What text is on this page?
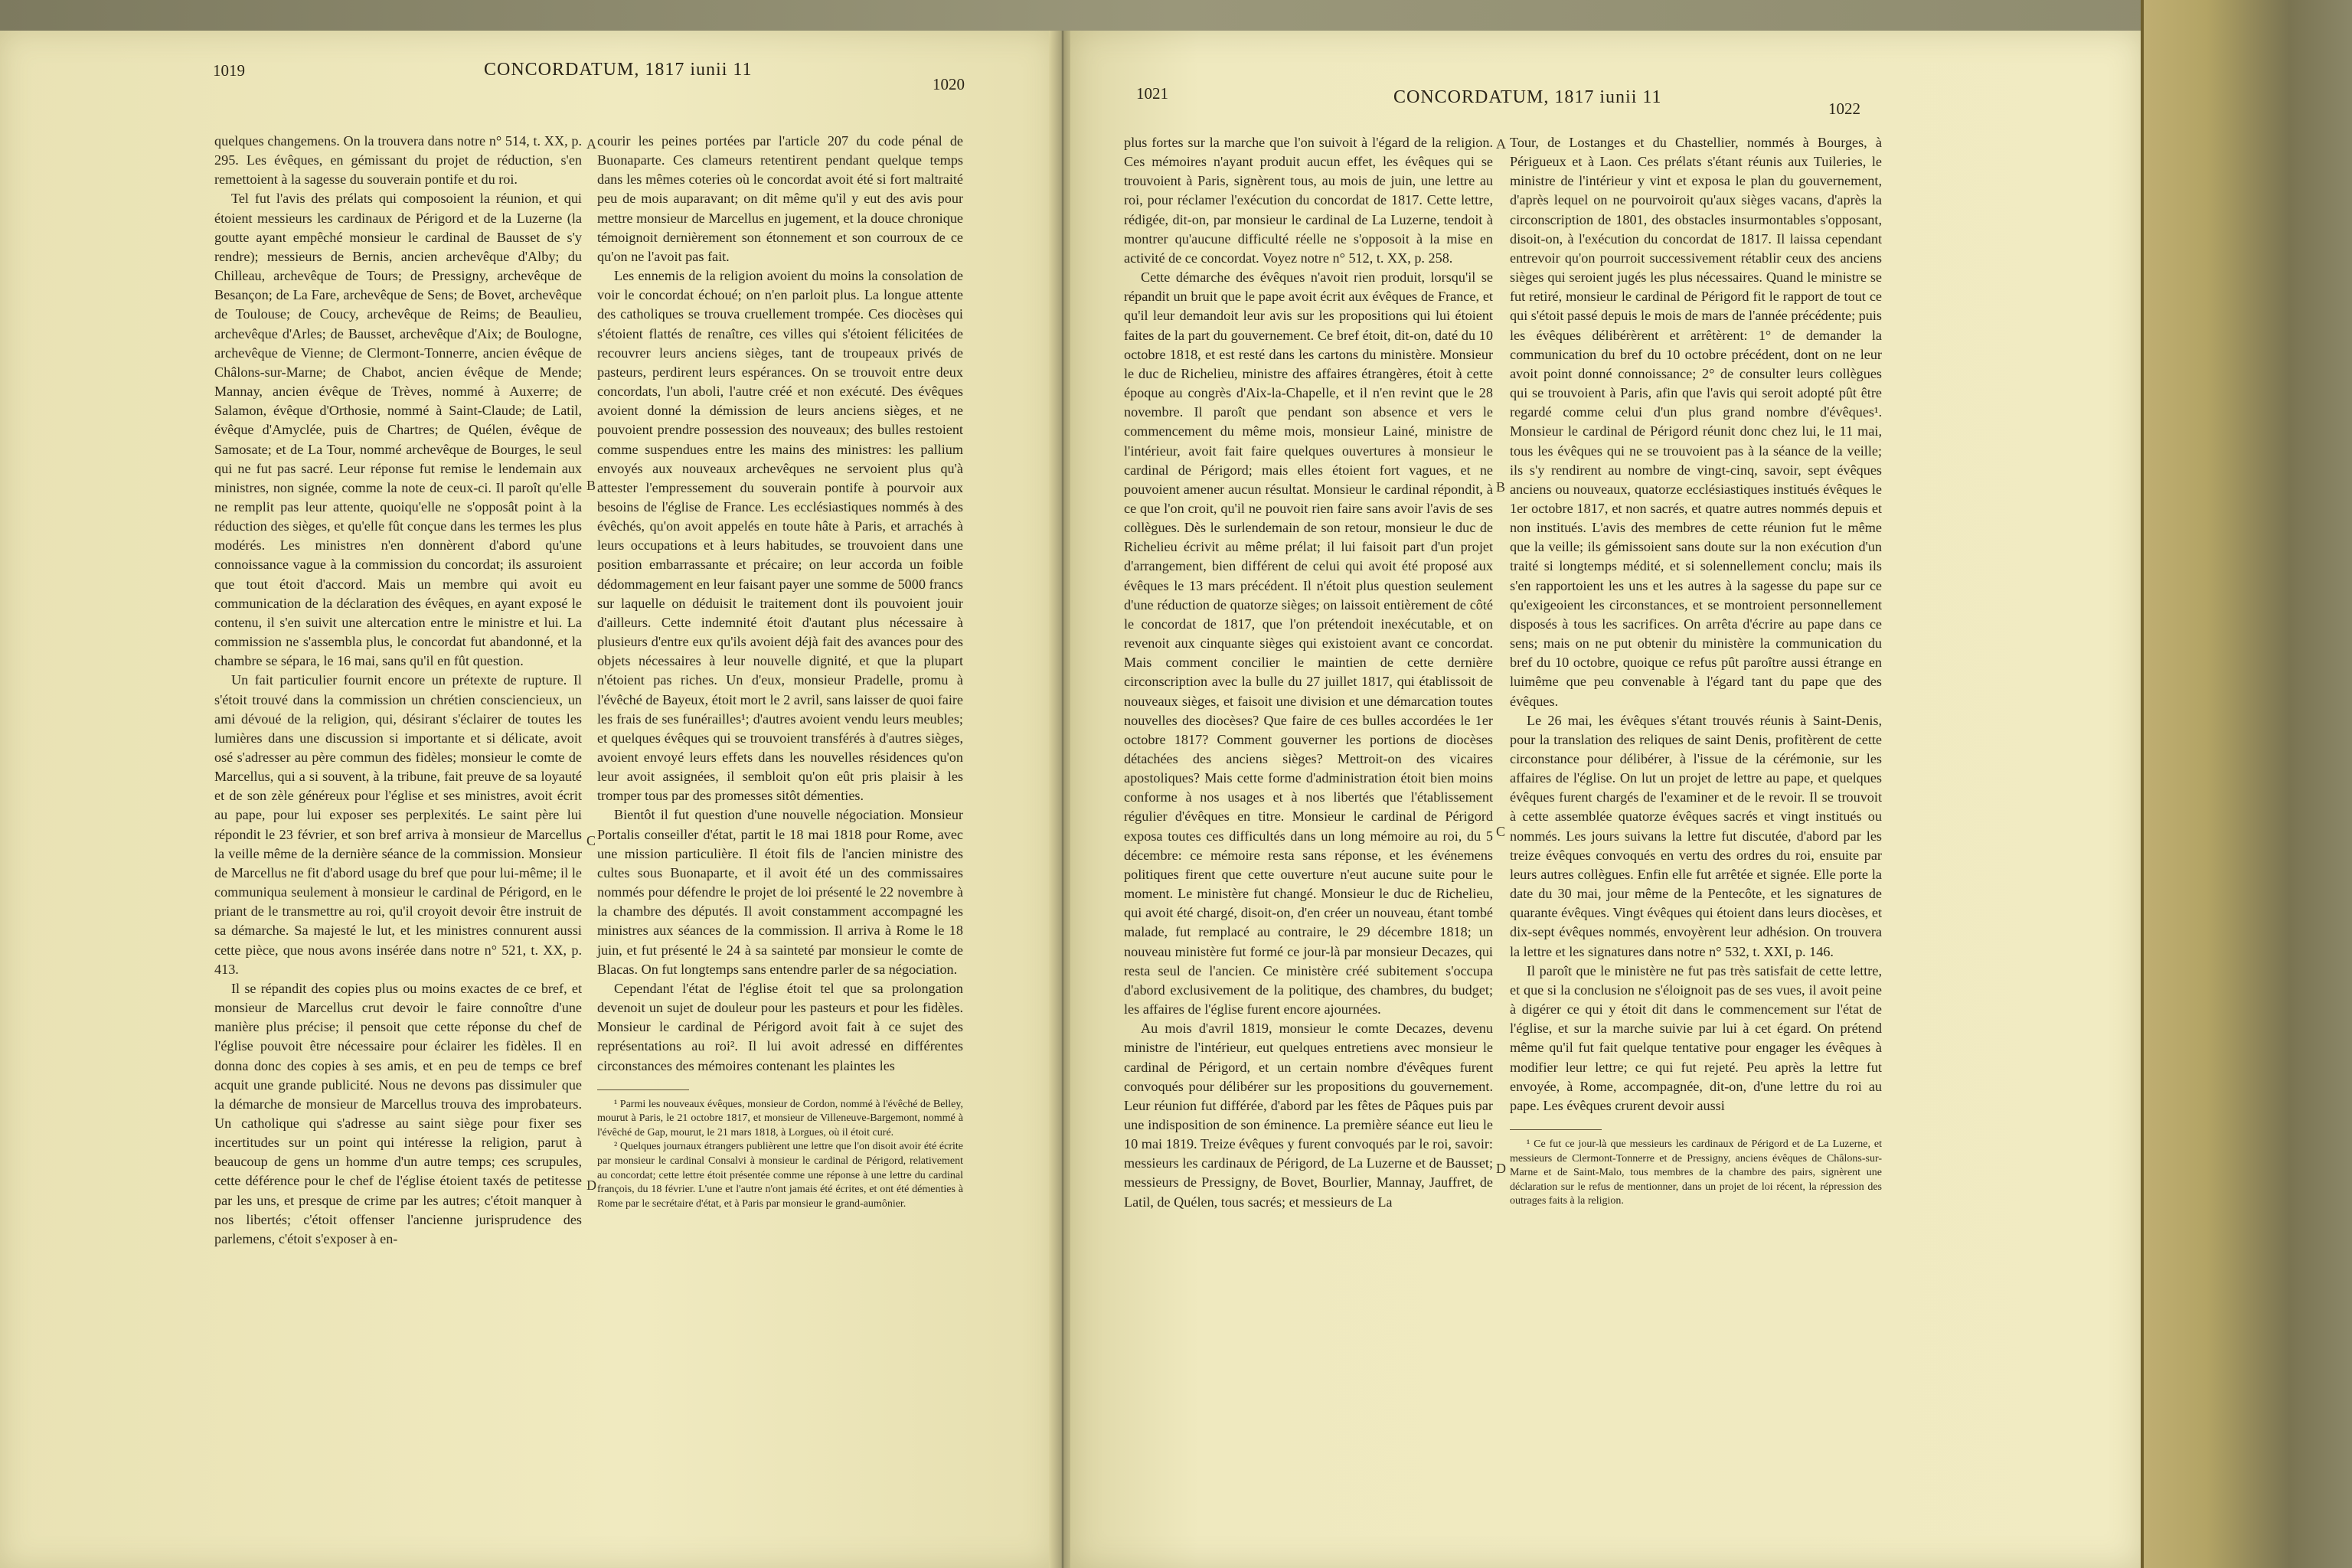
1019	CONCORDATUM, 1817 iunii 11
1020

quelques changemens. On la trouvera dans notre n° 514, t. XX, p. 295. Les évêques, en gémissant du projet de réduction, s'en remettoient à la sagesse du souverain pontife et du roi.

Tel fut l'avis des prélats qui composoient la réunion, et qui étoient messieurs les cardinaux de Périgord et de la Luzerne (la goutte ayant empêché monsieur le cardinal de Bausset de s'y rendre); messieurs de Bernis, ancien archevêque d'Alby; du Chilleau, archevêque de Tours; de Pressigny, archevêque de Besançon; de La Fare, archevêque de Sens; de Bovet, archevêque de Toulouse; de Coucy, archevêque de Reims; de Beaulieu, archevêque d'Arles; de Bausset, archevêque d'Aix; de Boulogne, archevêque de Vienne; de Clermont-Tonnerre, ancien évêque de Châlons-sur-Marne; de Chabot, ancien évêque de Mende; Mannay, ancien évêque de Trèves, nommé à Auxerre; de Salamon, évêque d'Orthosie, nommé à Saint-Claude; de Latil, évêque d'Amyclée, puis de Chartres; de Quélen, évêque de Samosate; et de La Tour, nommé archevêque de Bourges, le seul qui ne fut pas sacré. Leur réponse fut remise le lendemain aux ministres, non signée, comme la note de ceux-ci. Il paroît qu'elle ne remplit pas leur attente, quoiqu'elle ne s'opposât point à la réduction des sièges, et qu'elle fût conçue dans les termes les plus modérés. Les ministres n'en donnèrent d'abord qu'une connoissance vague à la commission du concordat; ils assuroient que tout étoit d'accord. Mais un membre qui avoit eu communication de la déclaration des évêques, en ayant exposé le contenu, il s'en suivit une altercation entre le ministre et lui. La commission ne s'assembla plus, le concordat fut abandonné, et la chambre se sépara, le 16 mai, sans qu'il en fût question.

Un fait particulier fournit encore un prétexte de rupture. Il s'étoit trouvé dans la commission un chrétien consciencieux, un ami dévoué de la religion, qui, désirant s'éclairer de toutes les lumières dans une discussion si importante et si délicate, avoit osé s'adresser au père commun des fidèles; monsieur le comte de Marcellus, qui a si souvent, à la tribune, fait preuve de sa loyauté et de son zèle généreux pour l'église et ses ministres, avoit écrit au pape, pour lui exposer ses perplexités. Le saint père lui répondit le 23 février, et son bref arriva à monsieur de Marcellus la veille même de la dernière séance de la commission. Monsieur de Marcellus ne fit d'abord usage du bref que pour lui-même; il le communiqua seulement à monsieur le cardinal de Périgord, en le priant de le transmettre au roi, qu'il croyoit devoir être instruit de sa démarche. Sa majesté le lut, et les ministres connurent aussi cette pièce, que nous avons insérée dans notre n° 521, t. XX, p. 413.

Il se répandit des copies plus ou moins exactes de ce bref, et monsieur de Marcellus crut devoir le faire connoître d'une manière plus précise; il pensoit que cette réponse du chef de l'église pouvoit être nécessaire pour éclairer les fidèles. Il en donna donc des copies à ses amis, et en peu de temps ce bref acquit une grande publicité. Nous ne devons pas dissimuler que la démarche de monsieur de Marcellus trouva des improbateurs. Un catholique qui s'adresse au saint siège pour fixer ses incertitudes sur un point qui intéresse la religion, parut à beaucoup de gens un homme d'un autre temps; ces scrupules, cette déférence pour le chef de l'église étoient taxés de petitesse par les uns, et presque de crime par les autres; c'étoit manquer à nos libertés; c'étoit offenser l'ancienne jurisprudence des parlemens, c'étoit s'exposer à en-

courir les peines portées par l'article 207 du code pénal de Buonaparte. Ces clameurs retentirent pendant quelque temps dans les mêmes coteries où le concordat avoit été si fort maltraité peu de mois auparavant; on dit même qu'il y eut des avis pour mettre monsieur de Marcellus en jugement, et la douce chronique témoignoit dernièrement son étonnement et son courroux de ce qu'on ne l'avoit pas fait.

Les ennemis de la religion avoient du moins la consolation de voir le concordat échoué; on n'en parloit plus. La longue attente des catholiques se trouva cruellement trompée. Ces diocèses qui s'étoient flattés de renaître, ces villes qui s'étoient félicitées de recouvrer leurs anciens sièges, tant de troupeaux privés de pasteurs, perdirent leurs espérances. On se trouvoit entre deux concordats, l'un aboli, l'autre créé et non exécuté. Des évêques avoient donné la démission de leurs anciens sièges, et ne pouvoient prendre possession des nouveaux; des bulles restoient comme suspendues entre les mains des ministres: les pallium envoyés aux nouveaux archevêques ne servoient plus qu'à attester l'empressement du souverain pontife à pourvoir aux besoins de l'église de France. Les ecclésiastiques nommés à des évêchés, qu'on avoit appelés en toute hâte à Paris, et arrachés à leurs occupations et à leurs habitudes, se trouvoient dans une position embarrassante et précaire; on leur accorda un foible dédommagement en leur faisant payer une somme de 5000 francs sur laquelle on déduisit le traitement dont ils pouvoient jouir d'ailleurs. Cette indemnité étoit d'autant plus nécessaire à plusieurs d'entre eux qu'ils avoient déjà fait des avances pour des objets nécessaires à leur nouvelle dignité, et que la plupart n'étoient pas riches. Un d'eux, monsieur Pradelle, promu à l'évêché de Bayeux, étoit mort le 2 avril, sans laisser de quoi faire les frais de ses funérailles¹; d'autres avoient vendu leurs meubles; et quelques évêques qui se trouvoient transférés à d'autres sièges, avoient envoyé leurs effets dans les nouvelles résidences qu'on leur avoit assignées, il sembloit qu'on eût pris plaisir à les tromper tous par des promesses sitôt démenties.

Bientôt il fut question d'une nouvelle négociation. Monsieur Portalis conseiller d'état, partit le 18 mai 1818 pour Rome, avec une mission particulière. Il étoit fils de l'ancien ministre des cultes sous Buonaparte, et il avoit été un des commissaires nommés pour défendre le projet de loi présenté le 22 novembre à la chambre des députés. Il avoit constamment accompagné les ministres aux séances de la commission. Il arriva à Rome le 18 juin, et fut présenté le 24 à sa sainteté par monsieur le comte de Blacas. On fut longtemps sans entendre parler de sa négociation.

Cependant l'état de l'église étoit tel que sa prolongation devenoit un sujet de douleur pour les pasteurs et pour les fidèles. Monsieur le cardinal de Périgord avoit fait à ce sujet des représentations au roi². Il lui avoit adressé en différentes circonstances des mémoires contenant les plaintes les

¹ Parmi les nouveaux évêques, monsieur de Cordon, nommé à l'évêché de Belley, mourut à Paris, le 21 octobre 1817, et monsieur de Villeneuve-Bargemont, nommé à l'évêché de Gap, mourut, le 21 mars 1818, à Lorgues, où il étoit curé.

² Quelques journaux étrangers publièrent une lettre que l'on disoit avoir été écrite par monsieur le cardinal Consalvi à monsieur le cardinal de Périgord, relativement au concordat; cette lettre étoit présentée comme une réponse à une lettre du cardinal françois, du 18 février. L'une et l'autre n'ont jamais été écrites, et ont été démenties à Rome par le secrétaire d'état, et à Paris par monsieur le grand-aumônier.

A
B
C
D
1021	CONCORDATUM, 1817 iunii 11
1022

plus fortes sur la marche que l'on suivoit à l'égard de la religion. Ces mémoires n'ayant produit aucun effet, les évêques qui se trouvoient à Paris, signèrent tous, au mois de juin, une lettre au roi, pour réclamer l'exécution du concordat de 1817. Cette lettre, rédigée, dit-on, par monsieur le cardinal de La Luzerne, tendoit à montrer qu'aucune difficulté réelle ne s'opposoit à la mise en activité de ce concordat. Voyez notre n° 512, t. XX, p. 258.

Cette démarche des évêques n'avoit rien produit, lorsqu'il se répandit un bruit que le pape avoit écrit aux évêques de France, et qu'il leur demandoit leur avis sur les propositions qui lui étoient faites de la part du gouvernement. Ce bref étoit, dit-on, daté du 10 octobre 1818, et est resté dans les cartons du ministère. Monsieur le duc de Richelieu, ministre des affaires étrangères, étoit à cette époque au congrès d'Aix-la-Chapelle, et il n'en revint que le 28 novembre. Il paroît que pendant son absence et vers le commencement du même mois, monsieur Lainé, ministre de l'intérieur, avoit fait faire quelques ouvertures à monsieur le cardinal de Périgord; mais elles étoient fort vagues, et ne pouvoient amener aucun résultat. Monsieur le cardinal répondit, à ce que l'on croit, qu'il ne pouvoit rien faire sans avoir l'avis de ses collègues. Dès le surlendemain de son retour, monsieur le duc de Richelieu écrivit au même prélat; il lui faisoit part d'un projet d'arrangement, bien différent de celui qui avoit été proposé aux évêques le 13 mars précédent. Il n'étoit plus question seulement d'une réduction de quatorze sièges; on laissoit entièrement de côté le concordat de 1817, que l'on prétendoit inexécutable, et on revenoit aux cinquante sièges qui existoient avant ce concordat. Mais comment concilier le maintien de cette dernière circonscription avec la bulle du 27 juillet 1817, qui établissoit de nouveaux sièges, et faisoit une division et une démarcation toutes nouvelles des diocèses? Que faire de ces bulles accordées le 1er octobre 1817? Comment gouverner les portions de diocèses détachées des anciens sièges? Mettroit-on des vicaires apostoliques? Mais cette forme d'administration étoit bien moins conforme à nos usages et à nos libertés que l'établissement régulier d'évêques en titre. Monsieur le cardinal de Périgord exposa toutes ces difficultés dans un long mémoire au roi, du 5 décembre: ce mémoire resta sans réponse, et les événemens politiques firent que cette ouverture n'eut aucune suite pour le moment. Le ministère fut changé. Monsieur le duc de Richelieu, qui avoit été chargé, disoit-on, d'en créer un nouveau, étant tombé malade, fut remplacé au contraire, le 29 décembre 1818; un nouveau ministère fut formé ce jour-là par monsieur Decazes, qui resta seul de l'ancien. Ce ministère créé subitement s'occupa d'abord exclusivement de la politique, des chambres, du budget; les affaires de l'église furent encore ajournées.

Au mois d'avril 1819, monsieur le comte Decazes, devenu ministre de l'intérieur, eut quelques entretiens avec monsieur le cardinal de Périgord, et un certain nombre d'évêques furent convoqués pour délibérer sur les propositions du gouvernement. Leur réunion fut différée, d'abord par les fêtes de Pâques puis par une indisposition de son éminence. La première séance eut lieu le 10 mai 1819. Treize évêques y furent convoqués par le roi, savoir: messieurs les cardinaux de Périgord, de La Luzerne et de Bausset; messieurs de Pressigny, de Bovet, Bourlier, Mannay, Jauffret, de Latil, de Quélen, tous sacrés; et messieurs de La

Tour, de Lostanges et du Chastellier, nommés à Bourges, à Périgueux et à Laon. Ces prélats s'étant réunis aux Tuileries, le ministre de l'intérieur y vint et exposa le plan du gouvernement, d'après lequel on ne pourvoiroit qu'aux sièges vacans, d'après la circonscription de 1801, des obstacles insurmontables s'opposant, disoit-on, à l'exécution du concordat de 1817. Il laissa cependant entrevoir qu'on pourroit successivement rétablir ceux des anciens sièges qui seroient jugés les plus nécessaires. Quand le ministre se fut retiré, monsieur le cardinal de Périgord fit le rapport de tout ce qui s'étoit passé depuis le mois de mars de l'année précédente; puis les évêques délibérèrent et arrêtèrent: 1° de demander la communication du bref du 10 octobre précédent, dont on ne leur avoit point donné connoissance; 2° de consulter leurs collègues qui se trouvoient à Paris, afin que l'avis qui seroit adopté pût être regardé comme celui d'un plus grand nombre d'évêques¹. Monsieur le cardinal de Périgord réunit donc chez lui, le 11 mai, tous les évêques qui ne se trouvoient pas à la séance de la veille; ils s'y rendirent au nombre de vingt-cinq, savoir, sept évêques anciens ou nouveaux, quatorze ecclésiastiques institués évêques le 1er octobre 1817, et non sacrés, et quatre autres nommés depuis et non institués. L'avis des membres de cette réunion fut le même que la veille; ils gémissoient sans doute sur la non exécution d'un traité si longtemps médité, et si solennellement conclu; mais ils s'en rapportoient les uns et les autres à la sagesse du pape sur ce qu'exigeoient les circonstances, et se montroient personnellement disposés à tous les sacrifices. On arrêta d'écrire au pape dans ce sens; mais on ne put obtenir du ministère la communication du bref du 10 octobre, quoique ce refus pût paroître aussi étrange en luimême que peu convenable à l'égard tant du pape que des évêques.

Le 26 mai, les évêques s'étant trouvés réunis à Saint-Denis, pour la translation des reliques de saint Denis, profitèrent de cette circonstance pour délibérer, à l'issue de la cérémonie, sur les affaires de l'église. On lut un projet de lettre au pape, et quelques évêques furent chargés de l'examiner et de le revoir. Il se trouvoit à cette assemblée quatorze évêques sacrés et vingt institués ou nommés. Les jours suivans la lettre fut discutée, d'abord par les treize évêques convoqués en vertu des ordres du roi, ensuite par leurs autres collègues. Enfin elle fut arrêtée et signée. Elle porte la date du 30 mai, jour même de la Pentecôte, et les signatures de quarante évêques. Vingt évêques qui étoient dans leurs diocèses, et dix-sept évêques nommés, envoyèrent leur adhésion. On trouvera la lettre et les signatures dans notre n° 532, t. XXI, p. 146.

Il paroît que le ministère ne fut pas très satisfait de cette lettre, et que si la conclusion ne s'éloignoit pas de ses vues, il avoit peine à digérer ce qui y étoit dit dans le commencement sur l'état de l'église, et sur la marche suivie par lui à cet égard. On prétend même qu'il fut fait quelque tentative pour engager les évêques à modifier leur lettre; ce qui fut rejeté. Peu après la lettre fut envoyée, à Rome, accompagnée, dit-on, d'une lettre du roi au pape. Les évêques crurent devoir aussi

¹ Ce fut ce jour-là que messieurs les cardinaux de Périgord et de La Luzerne, et messieurs de Clermont-Tonnerre et de Pressigny, anciens évêques de Châlons-sur-Marne et de Saint-Malo, tous membres de la chambre des pairs, signèrent une déclaration sur le refus de mentionner, dans un projet de loi récent, la répression des outrages faits à la religion.

A
B
C
D
